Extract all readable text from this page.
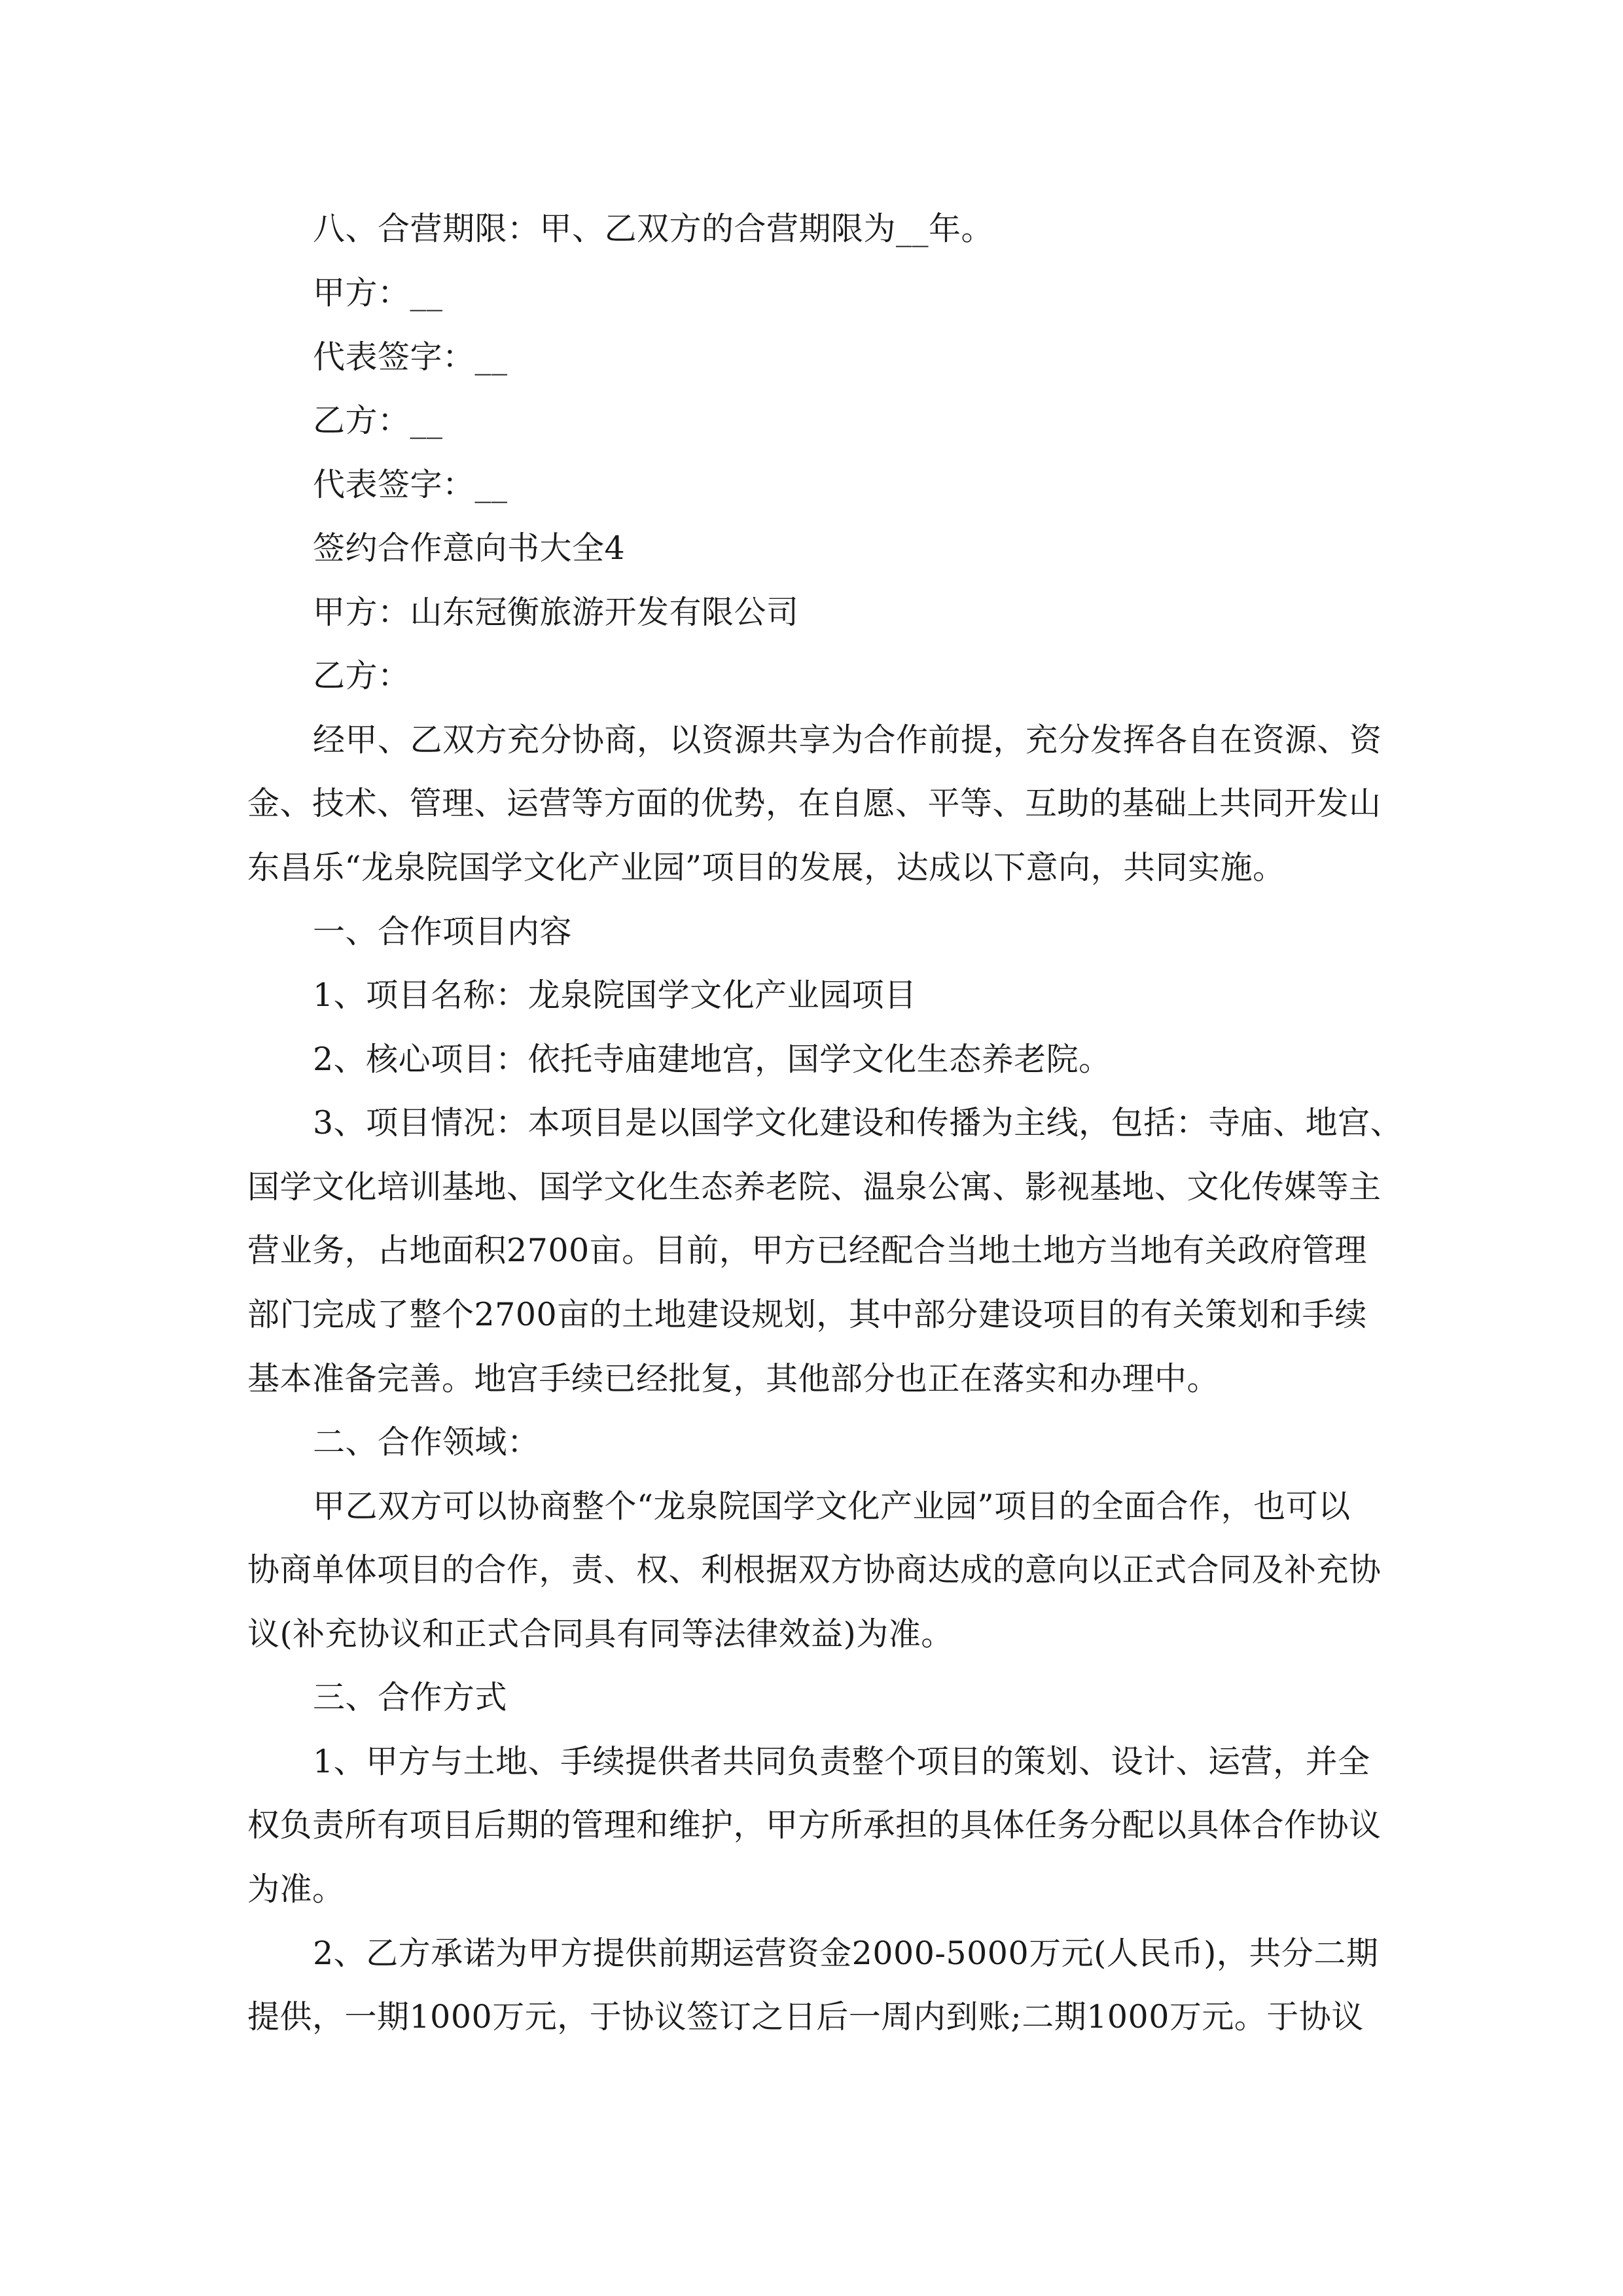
八、合营期限：甲、乙双方的合营期限为__年。
甲方：__
代表签字：__
乙方：__
代表签字：__
签约合作意向书大全4
甲方：山东冠衡旅游开发有限公司
乙方：
经甲、乙双方充分协商，以资源共享为合作前提，充分发挥各自在资源、资
金、技术、管理、运营等方面的优势，在自愿、平等、互助的基础上共同开发山
东昌乐“龙泉院国学文化产业园”项目的发展，达成以下意向，共同实施。
一、合作项目内容
1、项目名称：龙泉院国学文化产业园项目
2、核心项目：依托寺庙建地宫，国学文化生态养老院。
3、项目情况：本项目是以国学文化建设和传播为主线，包括：寺庙、地宫、
国学文化培训基地、国学文化生态养老院、温泉公寓、影视基地、文化传媒等主
营业务，占地面积2700亩。目前，甲方已经配合当地土地方当地有关政府管理
部门完成了整个2700亩的土地建设规划，其中部分建设项目的有关策划和手续
基本准备完善。地宫手续已经批复，其他部分也正在落实和办理中。
二、合作领域：
甲乙双方可以协商整个“龙泉院国学文化产业园”项目的全面合作，也可以
协商单体项目的合作，责、权、利根据双方协商达成的意向以正式合同及补充协
议(补充协议和正式合同具有同等法律效益)为准。
三、合作方式
1、甲方与土地、手续提供者共同负责整个项目的策划、设计、运营，并全
权负责所有项目后期的管理和维护，甲方所承担的具体任务分配以具体合作协议
为准。
2、乙方承诺为甲方提供前期运营资金2000-5000万元(人民币)，共分二期
提供，一期1000万元，于协议签订之日后一周内到账;二期1000万元。于协议
